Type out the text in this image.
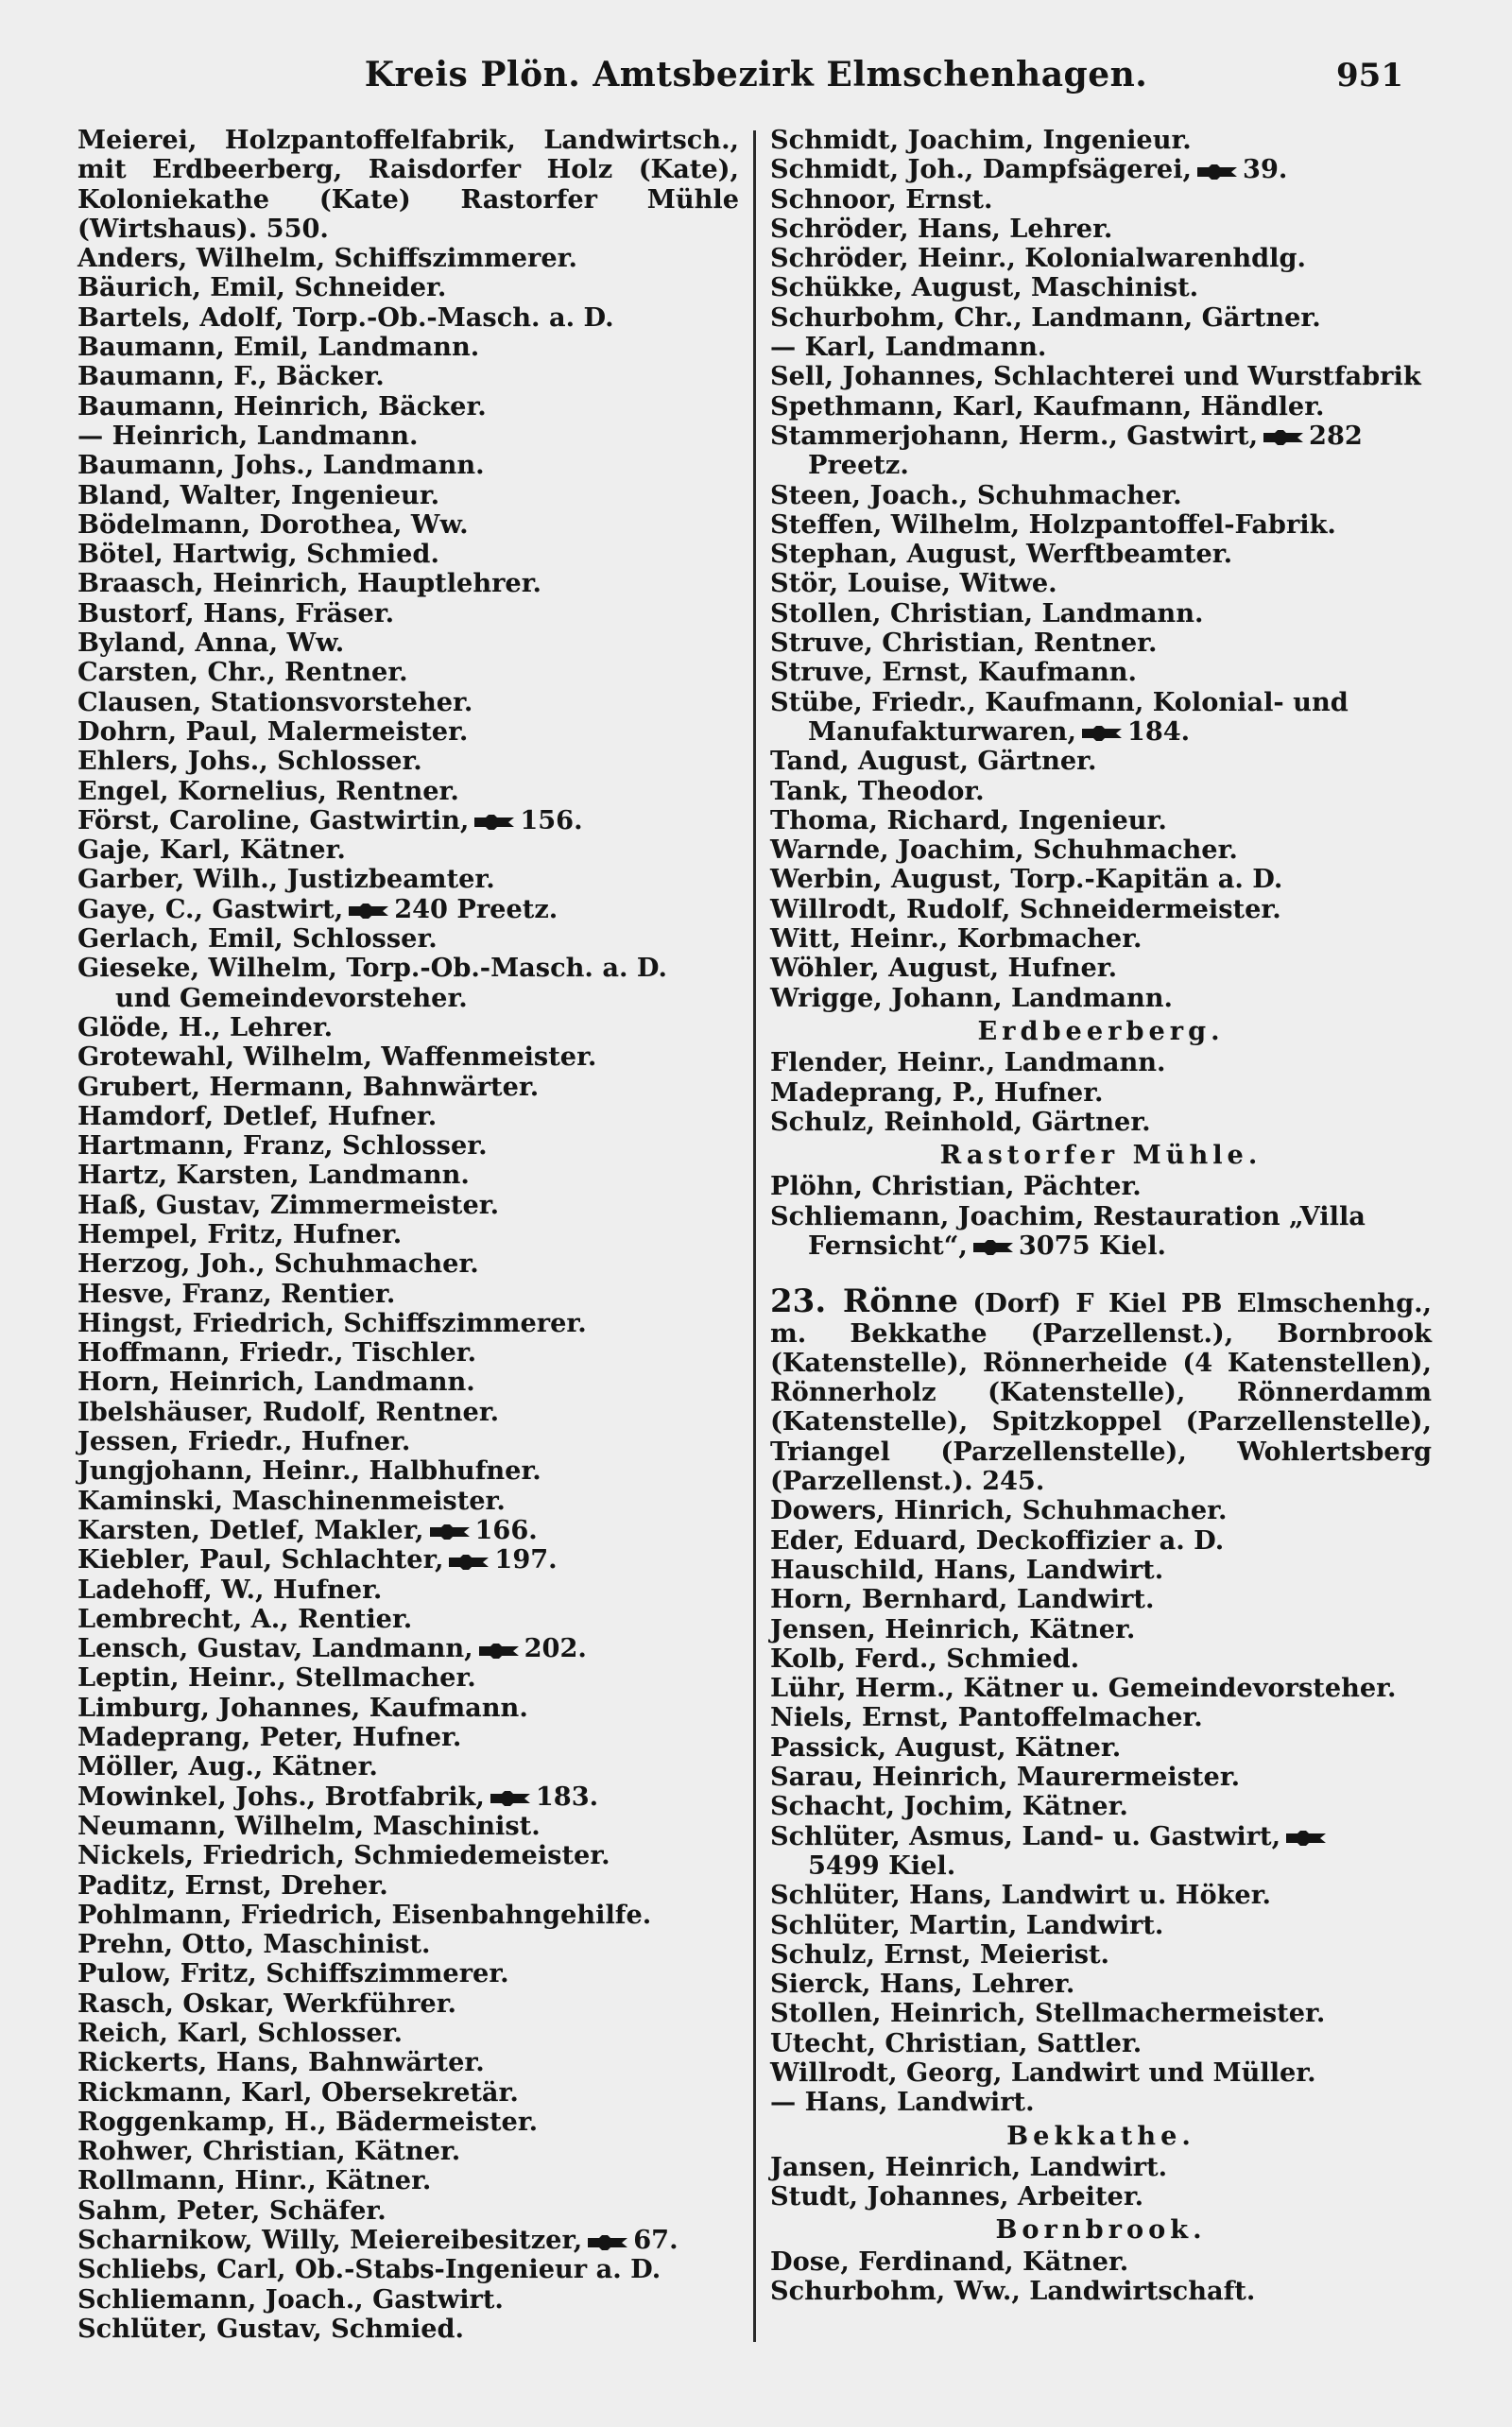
Kreis Plön. Amtsbezirk Elmschenhagen.	951
Meierei, Holzpantoffelfabrik, Landwirtsch., mit Erdbeerberg, Raisdorfer Holz (Kate), Koloniekathe (Kate) Rastorfer Mühle (Wirtshaus). 550.
Anders, Wilhelm, Schiffszimmerer.
Bäurich, Emil, Schneider.
Bartels, Adolf, Torp.-Ob.-Masch. a. D.
Baumann, Emil, Landmann.
Baumann, F., Bäcker.
Baumann, Heinrich, Bäcker.
— Heinrich, Landmann.
Baumann, Johs., Landmann.
Bland, Walter, Ingenieur.
Bödelmann, Dorothea, Ww.
Bötel, Hartwig, Schmied.
Braasch, Heinrich, Hauptlehrer.
Bustorf, Hans, Fräser.
Byland, Anna, Ww.
Carsten, Chr., Rentner.
Clausen, Stationsvorsteher.
Dohrn, Paul, Malermeister.
Ehlers, Johs., Schlosser.
Engel, Kornelius, Rentner.
Först, Caroline, Gastwirtin, 156.
Gaje, Karl, Kätner.
Garber, Wilh., Justizbeamter.
Gaye, C., Gastwirt, 240 Preetz.
Gerlach, Emil, Schlosser.
Gieseke, Wilhelm, Torp.-Ob.-Masch. a. D.
und Gemeindevorsteher.
Glöde, H., Lehrer.
Grotewahl, Wilhelm, Waffenmeister.
Grubert, Hermann, Bahnwärter.
Hamdorf, Detlef, Hufner.
Hartmann, Franz, Schlosser.
Hartz, Karsten, Landmann.
Haß, Gustav, Zimmermeister.
Hempel, Fritz, Hufner.
Herzog, Joh., Schuhmacher.
Hesve, Franz, Rentier.
Hingst, Friedrich, Schiffszimmerer.
Hoffmann, Friedr., Tischler.
Horn, Heinrich, Landmann.
Ibelshäuser, Rudolf, Rentner.
Jessen, Friedr., Hufner.
Jungjohann, Heinr., Halbhufner.
Kaminski, Maschinenmeister.
Karsten, Detlef, Makler, 166.
Kiebler, Paul, Schlachter, 197.
Ladehoff, W., Hufner.
Lembrecht, A., Rentier.
Lensch, Gustav, Landmann, 202.
Leptin, Heinr., Stellmacher.
Limburg, Johannes, Kaufmann.
Madeprang, Peter, Hufner.
Möller, Aug., Kätner.
Mowinkel, Johs., Brotfabrik, 183.
Neumann, Wilhelm, Maschinist.
Nickels, Friedrich, Schmiedemeister.
Paditz, Ernst, Dreher.
Pohlmann, Friedrich, Eisenbahngehilfe.
Prehn, Otto, Maschinist.
Pulow, Fritz, Schiffszimmerer.
Rasch, Oskar, Werkführer.
Reich, Karl, Schlosser.
Rickerts, Hans, Bahnwärter.
Rickmann, Karl, Obersekretär.
Roggenkamp, H., Bädermeister.
Rohwer, Christian, Kätner.
Rollmann, Hinr., Kätner.
Sahm, Peter, Schäfer.
Scharnikow, Willy, Meiereibesitzer, 67.
Schliebs, Carl, Ob.-Stabs-Ingenieur a. D.
Schliemann, Joach., Gastwirt.
Schlüter, Gustav, Schmied.
Schmidt, Joachim, Ingenieur.
Schmidt, Joh., Dampfsägerei, 39.
Schnoor, Ernst.
Schröder, Hans, Lehrer.
Schröder, Heinr., Kolonialwarenhdlg.
Schükke, August, Maschinist.
Schurbohm, Chr., Landmann, Gärtner.
— Karl, Landmann.
Sell, Johannes, Schlachterei und Wurstfabrik
Spethmann, Karl, Kaufmann, Händler.
Stammerjohann, Herm., Gastwirt, 282
Preetz.
Steen, Joach., Schuhmacher.
Steffen, Wilhelm, Holzpantoffel-Fabrik.
Stephan, August, Werftbeamter.
Stör, Louise, Witwe.
Stollen, Christian, Landmann.
Struve, Christian, Rentner.
Struve, Ernst, Kaufmann.
Stübe, Friedr., Kaufmann, Kolonial- und
Manufakturwaren, 184.
Tand, August, Gärtner.
Tank, Theodor.
Thoma, Richard, Ingenieur.
Warnde, Joachim, Schuhmacher.
Werbin, August, Torp.-Kapitän a. D.
Willrodt, Rudolf, Schneidermeister.
Witt, Heinr., Korbmacher.
Wöhler, August, Hufner.
Wrigge, Johann, Landmann.
Erdbeerberg.
Flender, Heinr., Landmann.
Madeprang, P., Hufner.
Schulz, Reinhold, Gärtner.
Rastorfer Mühle.
Plöhn, Christian, Pächter.
Schliemann, Joachim, Restauration „Villa
Fernsicht“, 3075 Kiel.
23. Rönne (Dorf) F Kiel PB Elmschenhg., m. Bekkathe (Parzellenst.), Bornbrook (Katenstelle), Rönnerheide (4 Katenstellen), Rönnerholz (Katenstelle), Rönnerdamm (Katenstelle), Spitzkoppel (Parzellenstelle), Triangel (Parzellenstelle), Wohlertsberg (Parzellenst.). 245.
Dowers, Hinrich, Schuhmacher.
Eder, Eduard, Deckoffizier a. D.
Hauschild, Hans, Landwirt.
Horn, Bernhard, Landwirt.
Jensen, Heinrich, Kätner.
Kolb, Ferd., Schmied.
Lühr, Herm., Kätner u. Gemeindevorsteher.
Niels, Ernst, Pantoffelmacher.
Passick, August, Kätner.
Sarau, Heinrich, Maurermeister.
Schacht, Jochim, Kätner.
Schlüter, Asmus, Land- u. Gastwirt,
5499 Kiel.
Schlüter, Hans, Landwirt u. Höker.
Schlüter, Martin, Landwirt.
Schulz, Ernst, Meierist.
Sierck, Hans, Lehrer.
Stollen, Heinrich, Stellmachermeister.
Utecht, Christian, Sattler.
Willrodt, Georg, Landwirt und Müller.
— Hans, Landwirt.
Bekkathe.
Jansen, Heinrich, Landwirt.
Studt, Johannes, Arbeiter.
Bornbrook.
Dose, Ferdinand, Kätner.
Schurbohm, Ww., Landwirtschaft.
